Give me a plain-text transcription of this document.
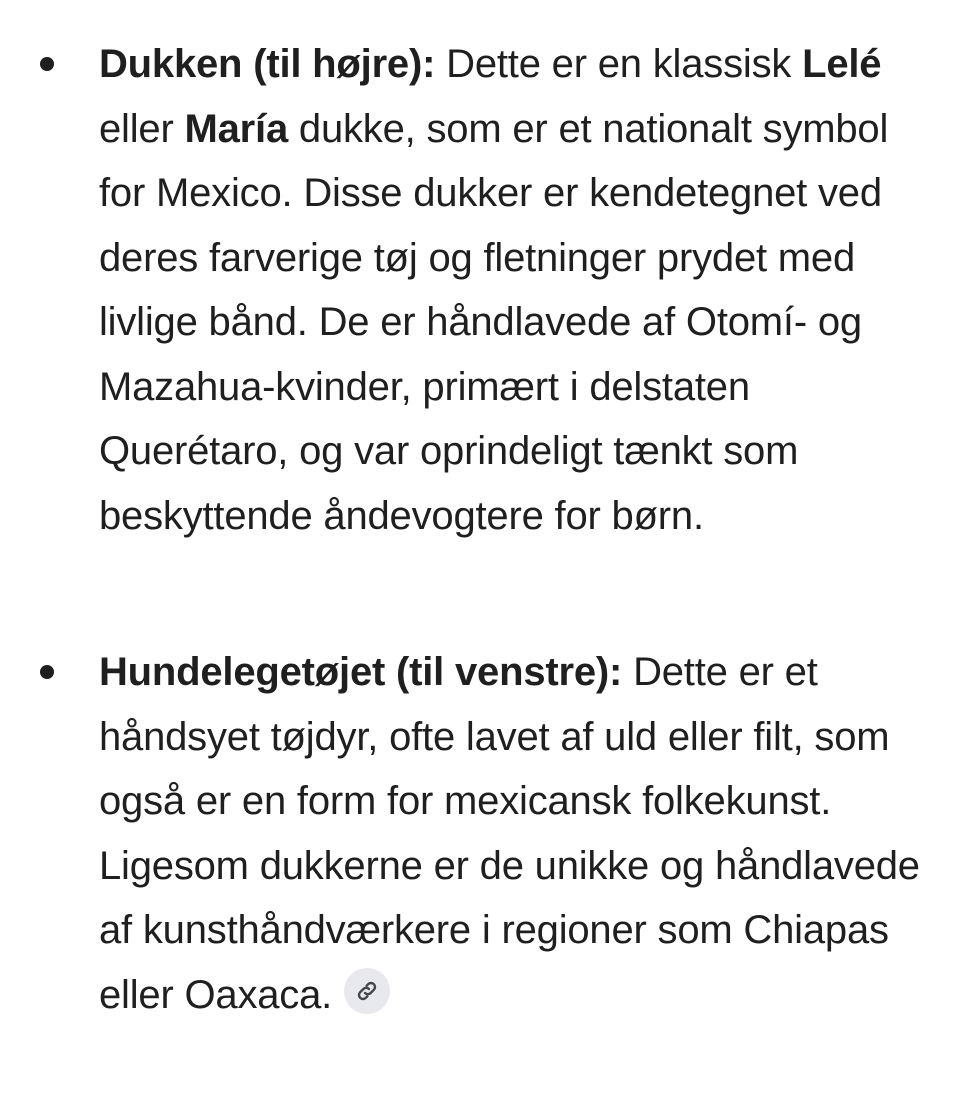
Dukken (til højre): Dette er en klassisk Lelé eller María dukke, som er et nationalt symbol for Mexico. Disse dukker er kendetegnet ved deres farverige tøj og fletninger prydet med livlige bånd. De er håndlavede af Otomí- og Mazahua-kvinder, primært i delstaten Querétaro, og var oprindeligt tænkt som beskyttende åndevogtere for børn.
Hundelegetøjet (til venstre): Dette er et håndsyet tøjdyr, ofte lavet af uld eller filt, som også er en form for mexicansk folkekunst. Ligesom dukkerne er de unikke og håndlavede af kunsthåndværkere i regioner som Chiapas eller Oaxaca.
